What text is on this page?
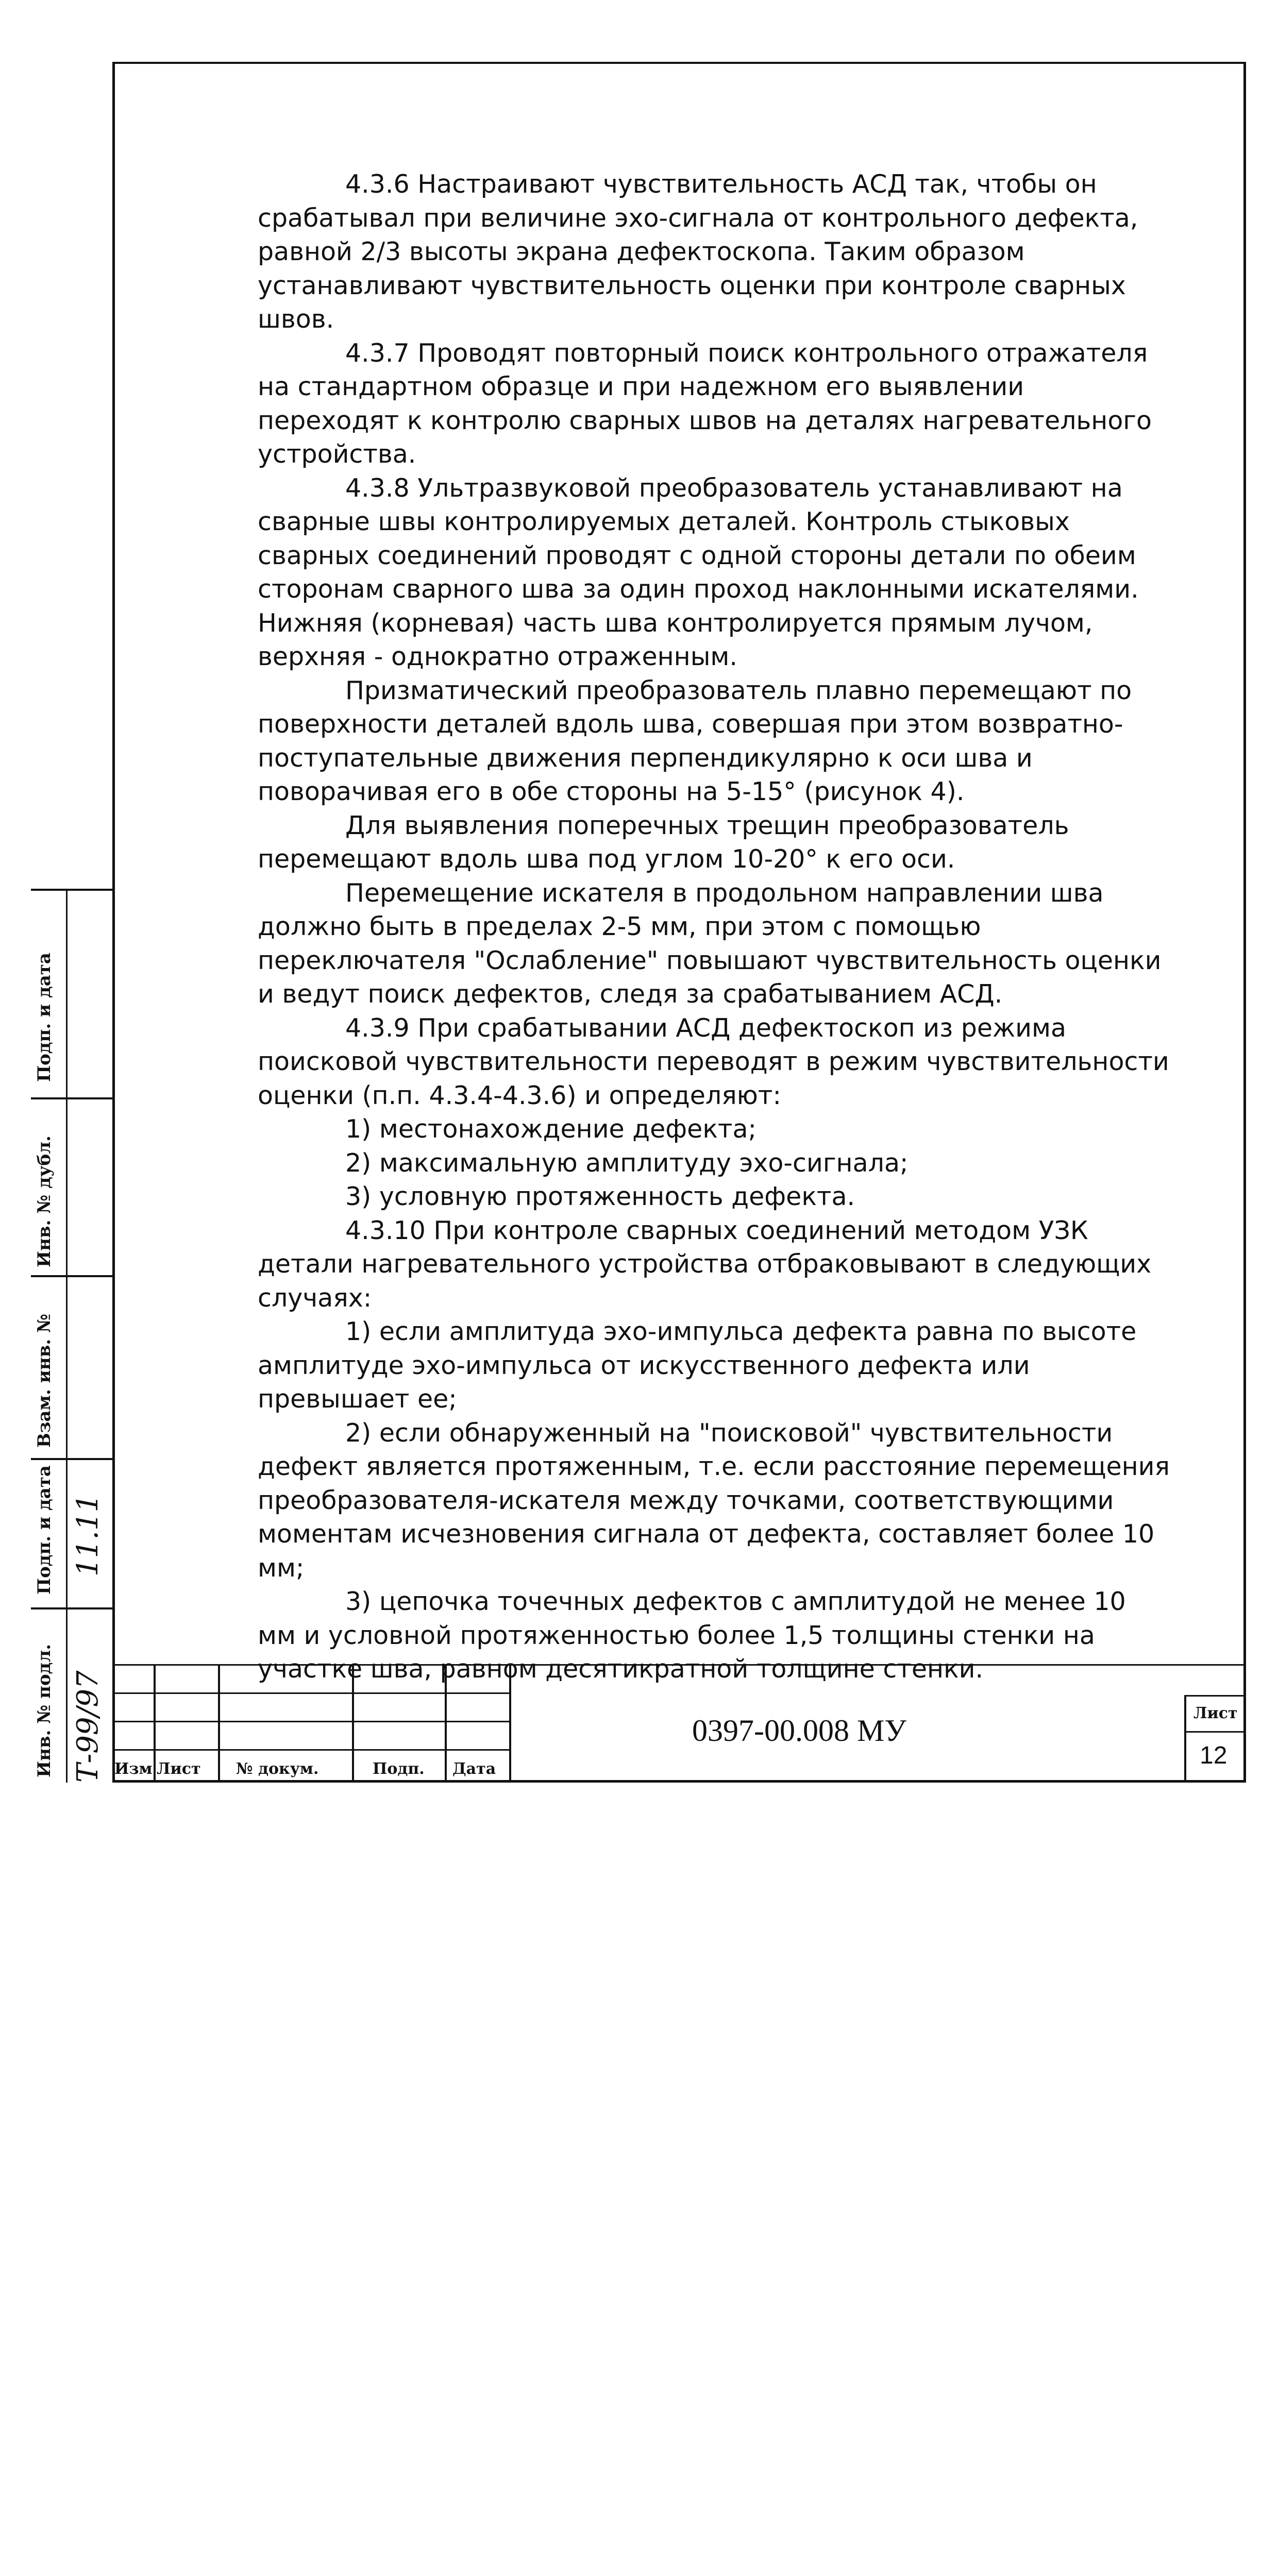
4.3.6 Настраивают чувствительность АСД так, чтобы он срабатывал при величине эхо-сигнала от контрольного дефекта, равной 2/3 высоты экрана дефектоскопа. Таким образом устанавливают чувствительность оценки при контроле сварных швов.

4.3.7 Проводят повторный поиск контрольного отражателя на стандартном образце и при надежном его выявлении переходят к контролю сварных швов на деталях нагревательного устройства.

4.3.8 Ультразвуковой преобразователь устанавливают на сварные швы контролируемых деталей. Контроль стыковых сварных соединений проводят с одной стороны детали по обеим сторонам сварного шва за один проход наклонными искателями. Нижняя (корневая) часть шва контролируется прямым лучом, верхняя - однократно отраженным.

Призматический преобразователь плавно перемещают по поверхности деталей вдоль шва, совершая при этом возвратно-поступательные движения перпендикулярно к оси шва и поворачивая его в обе стороны на 5-15° (рисунок 4).

Для выявления поперечных трещин преобразователь перемещают вдоль шва под углом 10-20° к его оси.

Перемещение искателя в продольном направлении шва должно быть в пределах 2-5 мм, при этом с помощью переключателя "Ослабление" повышают чувствительность оценки и ведут поиск дефектов, следя за срабатыванием АСД.

4.3.9 При срабатывании АСД дефектоскоп из режима поисковой чувствительности переводят в режим чувствительности оценки (п.п. 4.3.4-4.3.6) и определяют:

1) местонахождение дефекта;

2) максимальную амплитуду эхо-сигнала;

3) условную протяженность дефекта.

4.3.10 При контроле сварных соединений методом УЗК детали нагревательного устройства отбраковывают в следующих случаях:

1) если амплитуда эхо-импульса дефекта равна по высоте амплитуде эхо-импульса от искусственного дефекта или превышает ее;

2) если обнаруженный на "поисковой" чувствительности дефект является протяженным, т.е. если расстояние перемещения преобразователя-искателя между точками, соответствующими моментам исчезновения сигнала от дефекта, составляет более 10 мм;

3) цепочка точечных дефектов с амплитудой не менее 10 мм и условной протяженностью более 1,5 толщины стенки на участке шва, равном десятикратной толщине стенки.

Инв. № подл.
Подп. и дата
Взам. инв. №
Инв. № дубл.
Подп. и дата
Т-99/97
11.11
Изм Лист № докум.	Подп. Дата
0397-00.008 МУ
Лист
12
